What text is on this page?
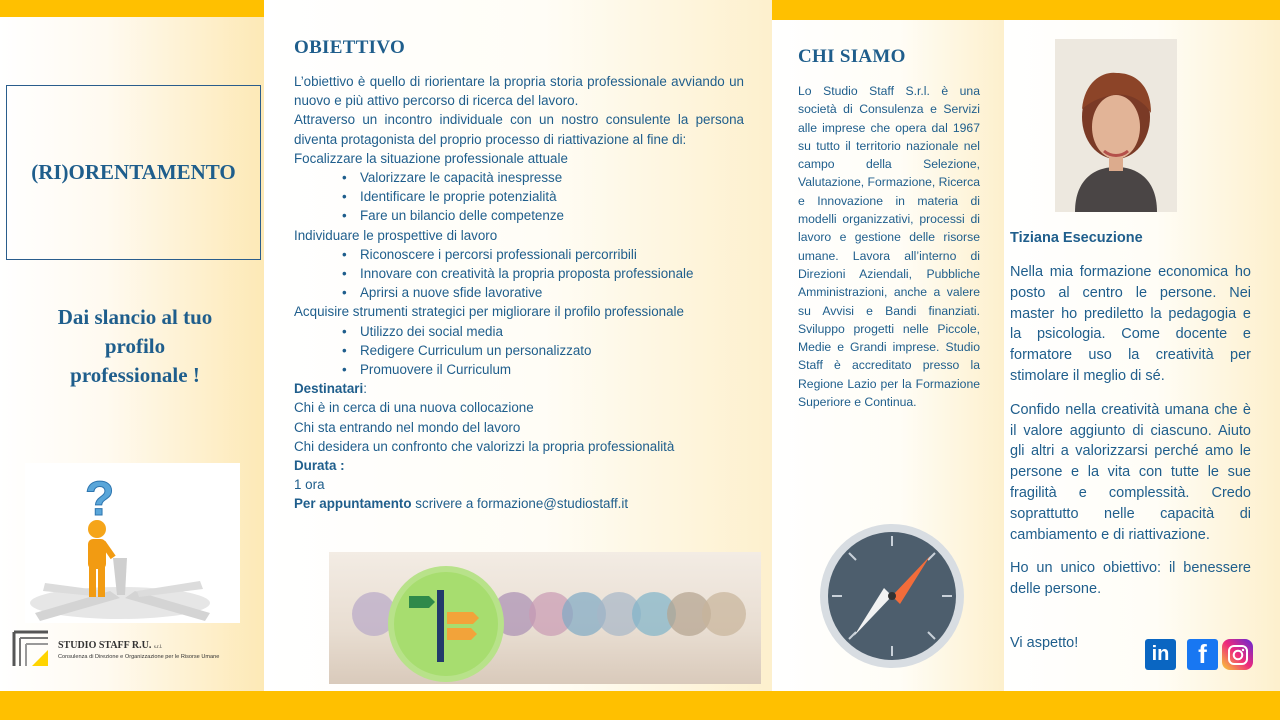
(RI)ORENTAMENTO
Dai slancio al tuo
profilo
professionale !
?
STUDIO STAFF R.U. s.r.l.
Consulenza di Direzione e Organizzazione per le Risorse Umane
OBIETTIVO

L’obiettivo è quello di riorientare la propria storia professionale avviando un nuovo e più attivo percorso di ricerca del lavoro.

Attraverso un incontro individuale con un nostro consulente la persona diventa protagonista del proprio processo di riattivazione al fine di:

Focalizzare la situazione professionale attuale
• Valorizzare le capacità inespresse
• Identificare le proprie potenzialità
• Fare un bilancio delle competenze
Individuare le prospettive di lavoro
• Riconoscere i percorsi professionali percorribili
• Innovare con creatività la propria proposta professionale
• Aprirsi a nuove sfide lavorative
Acquisire strumenti strategici per migliorare il profilo professionale
• Utilizzo dei social media
• Redigere Curriculum un personalizzato
• Promuovere il Curriculum
Destinatari:
Chi è in cerca di una nuova collocazione
Chi sta entrando nel mondo del lavoro
Chi desidera un confronto che valorizzi la propria professionalità
Durata :
1 ora
Per appuntamento scrivere a formazione@studiostaff.it
CHI SIAMO
Lo Studio Staff S.r.l. è una società di Consulenza e Servizi alle imprese che opera dal 1967 su tutto il territorio nazionale nel campo della Selezione, Valutazione, Formazione, Ricerca e Innovazione in materia di modelli organizzativi, processi di lavoro e gestione delle risorse umane. Lavora all’interno di Direzioni Aziendali, Pubbliche Amministrazioni, anche a valere su Avvisi e Bandi finanziati. Sviluppo progetti nelle Piccole, Medie e Grandi imprese. Studio Staff è accreditato presso la Regione Lazio per la Formazione Superiore e Continua.
Tiziana Esecuzione

Nella mia formazione economica ho posto al centro le persone. Nei master ho prediletto la pedagogia e la psicologia. Come docente e formatore uso la creatività per stimolare il meglio di sé.

Confido nella creatività umana che è il valore aggiunto di ciascuno. Aiuto gli altri a valorizzarsi perché amo le persone e la vita con tutte le sue fragilità e complessità. Credo soprattutto nelle capacità di cambiamento e di riattivazione.

Ho un unico obiettivo: il benessere delle persone.

Vi aspetto!	in f
